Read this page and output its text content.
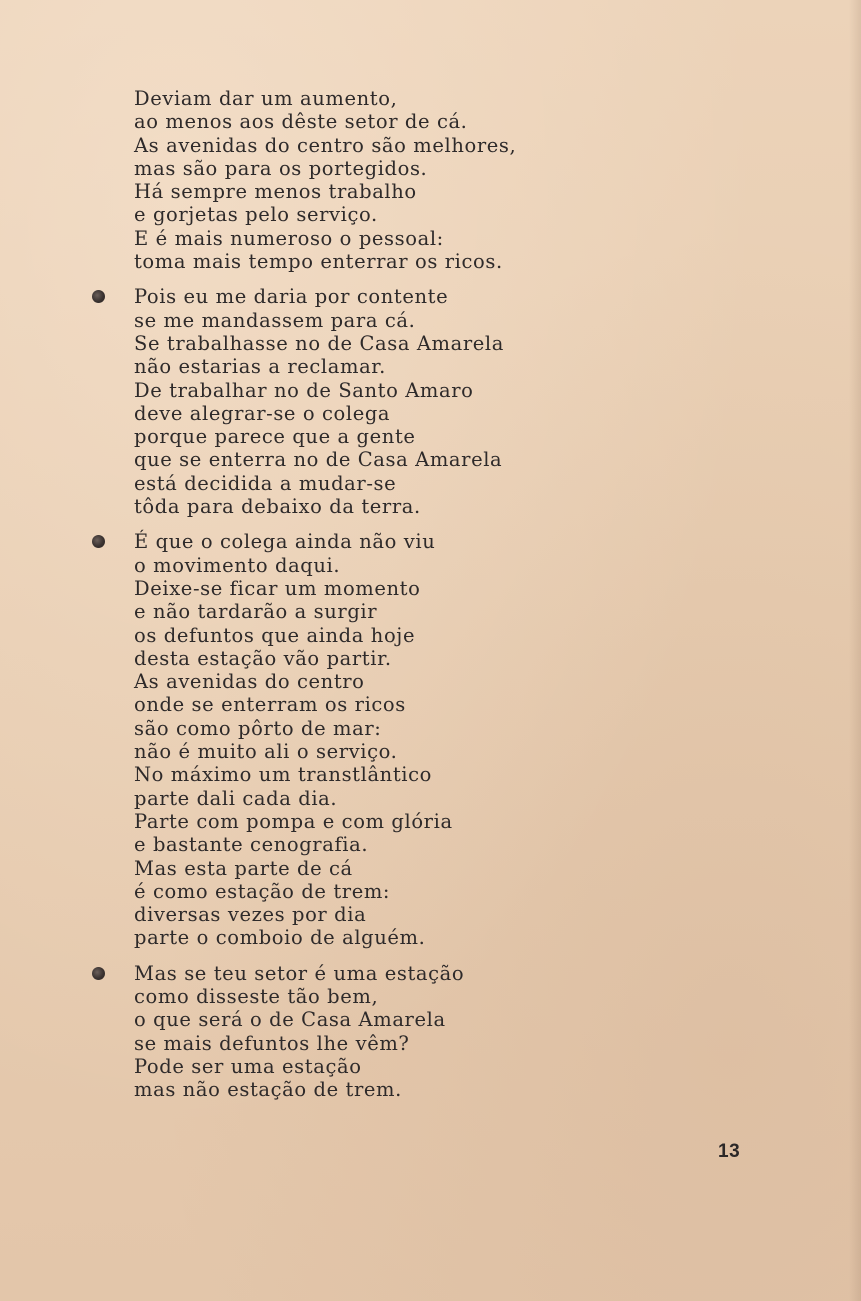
Deviam dar um aumento,
ao menos aos dêste setor de cá.
As avenidas do centro são melhores,
mas são para os portegidos.
Há sempre menos trabalho
e gorjetas pelo serviço.
E é mais numeroso o pessoal:
toma mais tempo enterrar os ricos.
Pois eu me daria por contente
se me mandassem para cá.
Se trabalhasse no de Casa Amarela
não estarias a reclamar.
De trabalhar no de Santo Amaro
deve alegrar-se o colega
porque parece que a gente
que se enterra no de Casa Amarela
está decidida a mudar-se
tôda para debaixo da terra.
É que o colega ainda não viu
o movimento daqui.
Deixe-se ficar um momento
e não tardarão a surgir
os defuntos que ainda hoje
desta estação vão partir.
As avenidas do centro
onde se enterram os ricos
são como pôrto de mar:
não é muito ali o serviço.
No máximo um transtlântico
parte dali cada dia.
Parte com pompa e com glória
e bastante cenografia.
Mas esta parte de cá
é como estação de trem:
diversas vezes por dia
parte o comboio de alguém.
Mas se teu setor é uma estação
como disseste tão bem,
o que será o de Casa Amarela
se mais defuntos lhe vêm?
Pode ser uma estação
mas não estação de trem.
13
